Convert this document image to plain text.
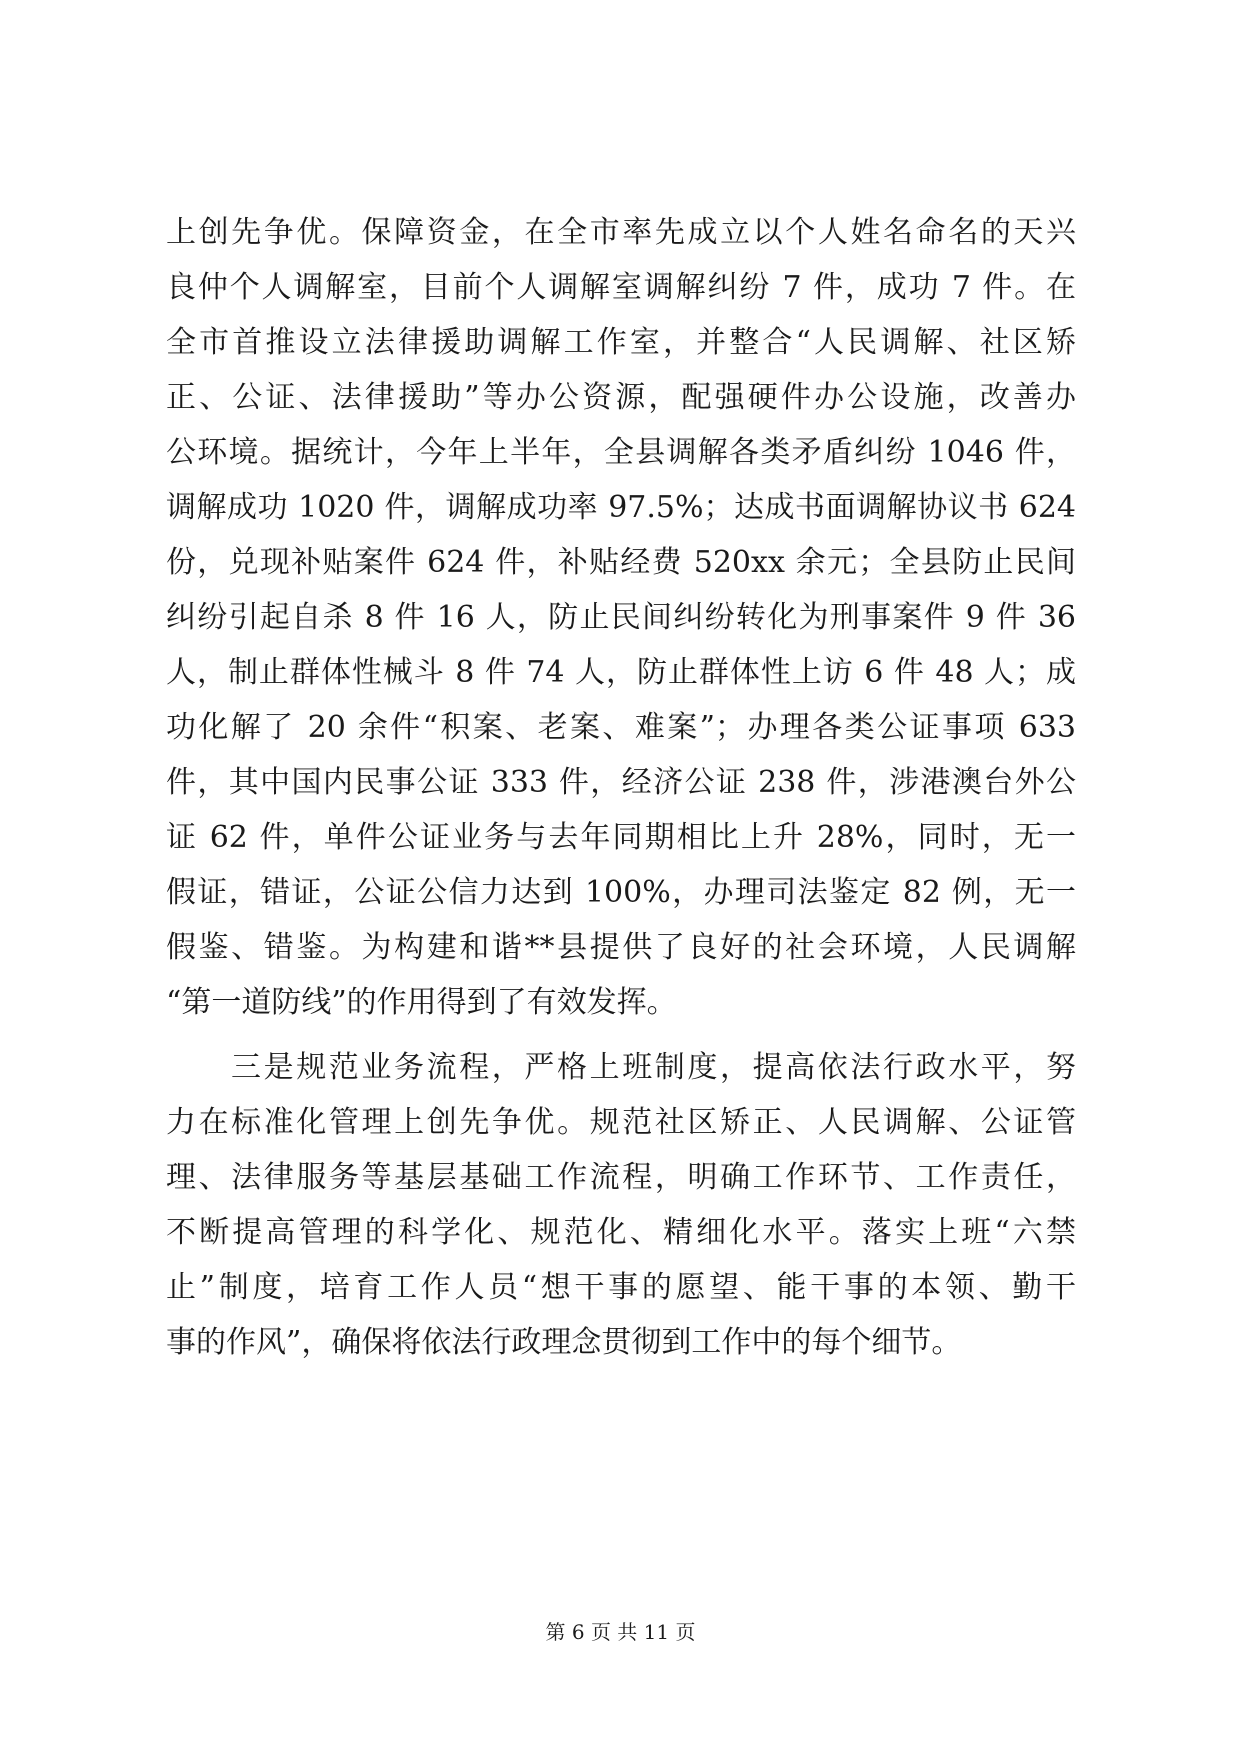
上创先争优。保障资金，在全市率先成立以个人姓名命名的天兴
良仲个人调解室，目前个人调解室调解纠纷 7 件，成功 7 件。在
全市首推设立法律援助调解工作室，并整合“人民调解、社区矫
正、公证、法律援助”等办公资源，配强硬件办公设施，改善办
公环境。据统计，今年上半年，全县调解各类矛盾纠纷 1046 件，
调解成功 1020 件，调解成功率 97.5%；达成书面调解协议书 624
份，兑现补贴案件 624 件，补贴经费 520xx 余元；全县防止民间
纠纷引起自杀 8 件 16 人，防止民间纠纷转化为刑事案件 9 件 36
人，制止群体性械斗 8 件 74 人，防止群体性上访 6 件 48 人；成
功化解了 20 余件“积案、老案、难案”；办理各类公证事项 633
件，其中国内民事公证 333 件，经济公证 238 件，涉港澳台外公
证 62 件，单件公证业务与去年同期相比上升 28%，同时，无一
假证，错证，公证公信力达到 100%，办理司法鉴定 82 例，无一
假鉴、错鉴。为构建和谐**县提供了良好的社会环境，人民调解
“第一道防线”的作用得到了有效发挥。
三是规范业务流程，严格上班制度，提高依法行政水平，努
力在标准化管理上创先争优。规范社区矫正、人民调解、公证管
理、法律服务等基层基础工作流程，明确工作环节、工作责任，
不断提高管理的科学化、规范化、精细化水平。落实上班“六禁
止”制度，培育工作人员“想干事的愿望、能干事的本领、勤干
事的作风”，确保将依法行政理念贯彻到工作中的每个细节。
第 6 页 共 11 页
